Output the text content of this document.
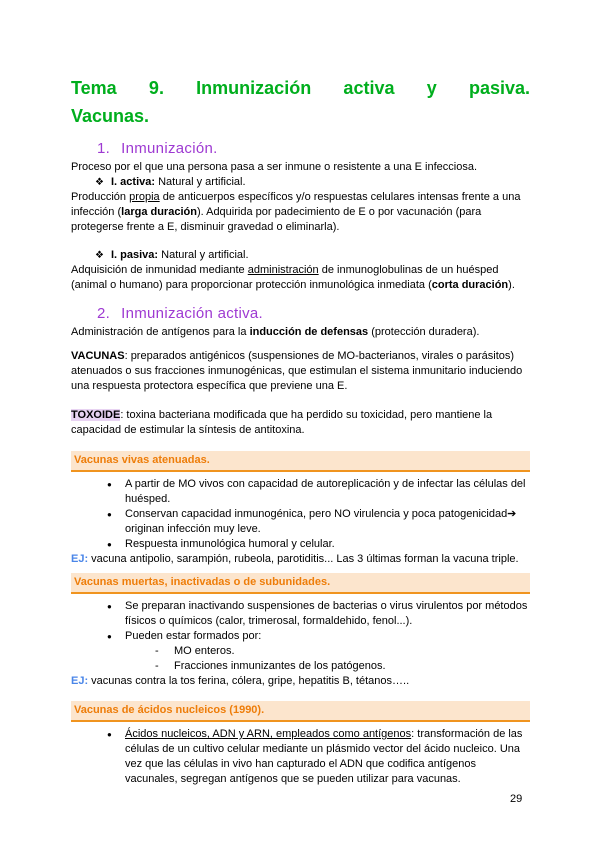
Tema 9. Inmunización activa y pasiva.
Vacunas.
1. Inmunización.
Proceso por el que una persona pasa a ser inmune o resistente a una E infecciosa.
❖ I. activa: Natural y artificial.
Producción propia de anticuerpos específicos y/o respuestas celulares intensas frente a una infección (larga duración). Adquirida por padecimiento de E o por vacunación (para protegerse frente a E, disminuir gravedad o eliminarla).
❖ I. pasiva: Natural y artificial.
Adquisición de inmunidad mediante administración de inmunoglobulinas de un huésped (animal o humano) para proporcionar protección inmunológica inmediata (corta duración).
2. Inmunización activa.
Administración de antígenos para la inducción de defensas (protección duradera).
VACUNAS: preparados antigénicos (suspensiones de MO-bacterianos, virales o parásitos) atenuados o sus fracciones inmunogénicas, que estimulan el sistema inmunitario induciendo una respuesta protectora específica que previene una E.
TOXOIDE: toxina bacteriana modificada que ha perdido su toxicidad, pero mantiene la capacidad de estimular la síntesis de antitoxina.
Vacunas vivas atenuadas.
●	A partir de MO vivos con capacidad de autoreplicación y de infectar las células del huésped.
●	Conservan capacidad inmunogénica, pero NO virulencia y poca patogenicidad➔ originan infección muy leve.
●	Respuesta inmunológica humoral y celular.
EJ: vacuna antipolio, sarampión, rubeola, parotiditis... Las 3 últimas forman la vacuna triple.
Vacunas muertas, inactivadas o de subunidades.
●	Se preparan inactivando suspensiones de bacterias o virus virulentos por métodos físicos o químicos (calor, trimerosal, formaldehido, fenol...).
●	Pueden estar formados por:
-	MO enteros.
-	Fracciones inmunizantes de los patógenos.
EJ: vacunas contra la tos ferina, cólera, gripe, hepatitis B, tétanos…..
Vacunas de ácidos nucleicos (1990).
●	Ácidos nucleicos, ADN y ARN, empleados como antígenos: transformación de las células de un cultivo celular mediante un plásmido vector del ácido nucleico. Una vez que las células in vivo han capturado el ADN que codifica antígenos vacunales, segregan antígenos que se pueden utilizar para vacunas.
29
